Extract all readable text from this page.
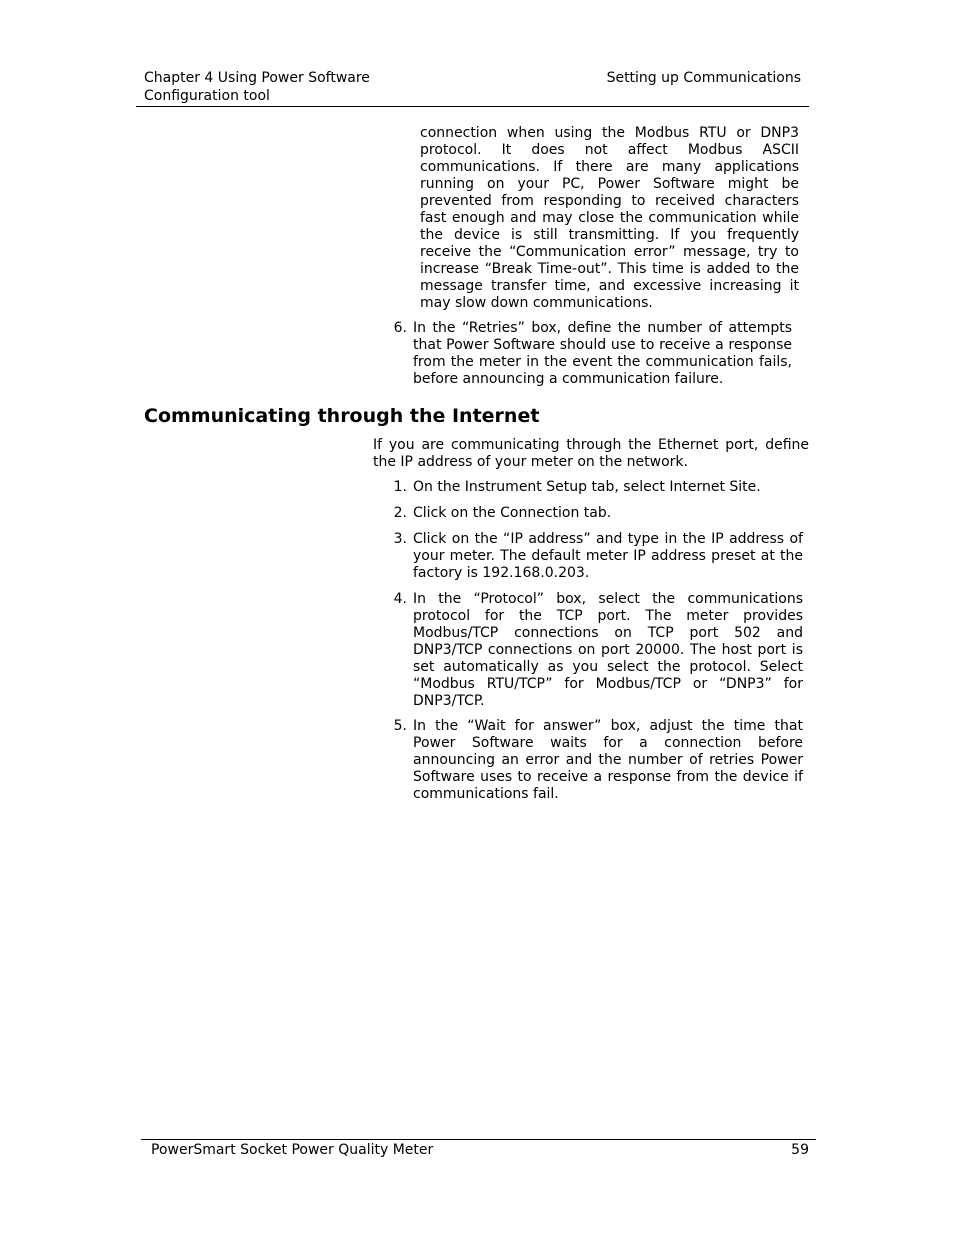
Chapter 4 Using Power Software
Configuration tool
Setting up Communications

connection when using the Modbus RTU or DNP3 protocol. It does not affect Modbus ASCII communications. If there are many applications running on your PC, Power Software might be prevented from responding to received characters fast enough and may close the communication while the device is still transmitting. If you frequently receive the “Communication error” message, try to increase “Break Time-out”. This time is added to the message transfer time, and excessive increasing it may slow down communications.

6. In the “Retries” box, define the number of attempts that Power Software should use to receive a response from the meter in the event the communication fails, before announcing a communication failure.
Communicating through the Internet

If you are communicating through the Ethernet port, define the IP address of your meter on the network.

1. On the Instrument Setup tab, select Internet Site.
2. Click on the Connection tab.
3. Click on the “IP address” and type in the IP address of your meter. The default meter IP address preset at the factory is 192.168.0.203.
4. In the “Protocol” box, select the communications protocol for the TCP port. The meter provides Modbus/TCP connections on TCP port 502 and DNP3/TCP connections on port 20000. The host port is set automatically as you select the protocol. Select “Modbus RTU/TCP” for Modbus/TCP or “DNP3” for DNP3/TCP.
5. In the “Wait for answer” box, adjust the time that Power Software waits for a connection before announcing an error and the number of retries Power Software uses to receive a response from the device if communications fail.
PowerSmart Socket Power Quality Meter	59
